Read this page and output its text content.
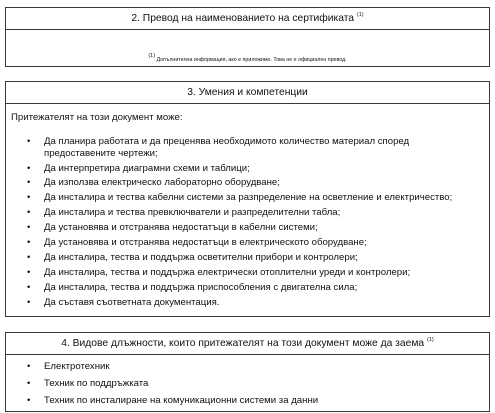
2. Превод на наименованието на сертификата $^{(1)}$
$^{(1)}$ Допълнителна информация, ако е приложимо. Това не е официален превод.
3. Умения и компетенции
Притежателят на този документ може:
• Да планира работата и да преценява необходимото количество материал според предоставените чертежи;
• Да интерпретира диаграмни схеми и таблици;
• Да използва електрическо лабораторно оборудване;
• Да инсталира и тества кабелни системи за разпределение на осветление и електричество;
• Да инсталира и тества превключватели и разпределителни табла;
• Да установява и отстранява недостатъци в кабелни системи;
• Да установява и отстранява недостатъци в електрическото оборудване;
• Да инсталира, тества и поддържа осветителни прибори и контролери;
• Да инсталира, тества и поддържа електрически отоплителни уреди и контролери;
• Да инсталира, тества и поддържа приспособления с двигателна сила;
• Да съставя съответната документация.
4. Видове длъжности, които притежателят на този документ може да заема $^{(1)}$
• Електротехник
• Техник по поддръжката
• Техник по инсталиране на комуникационни системи за данни
